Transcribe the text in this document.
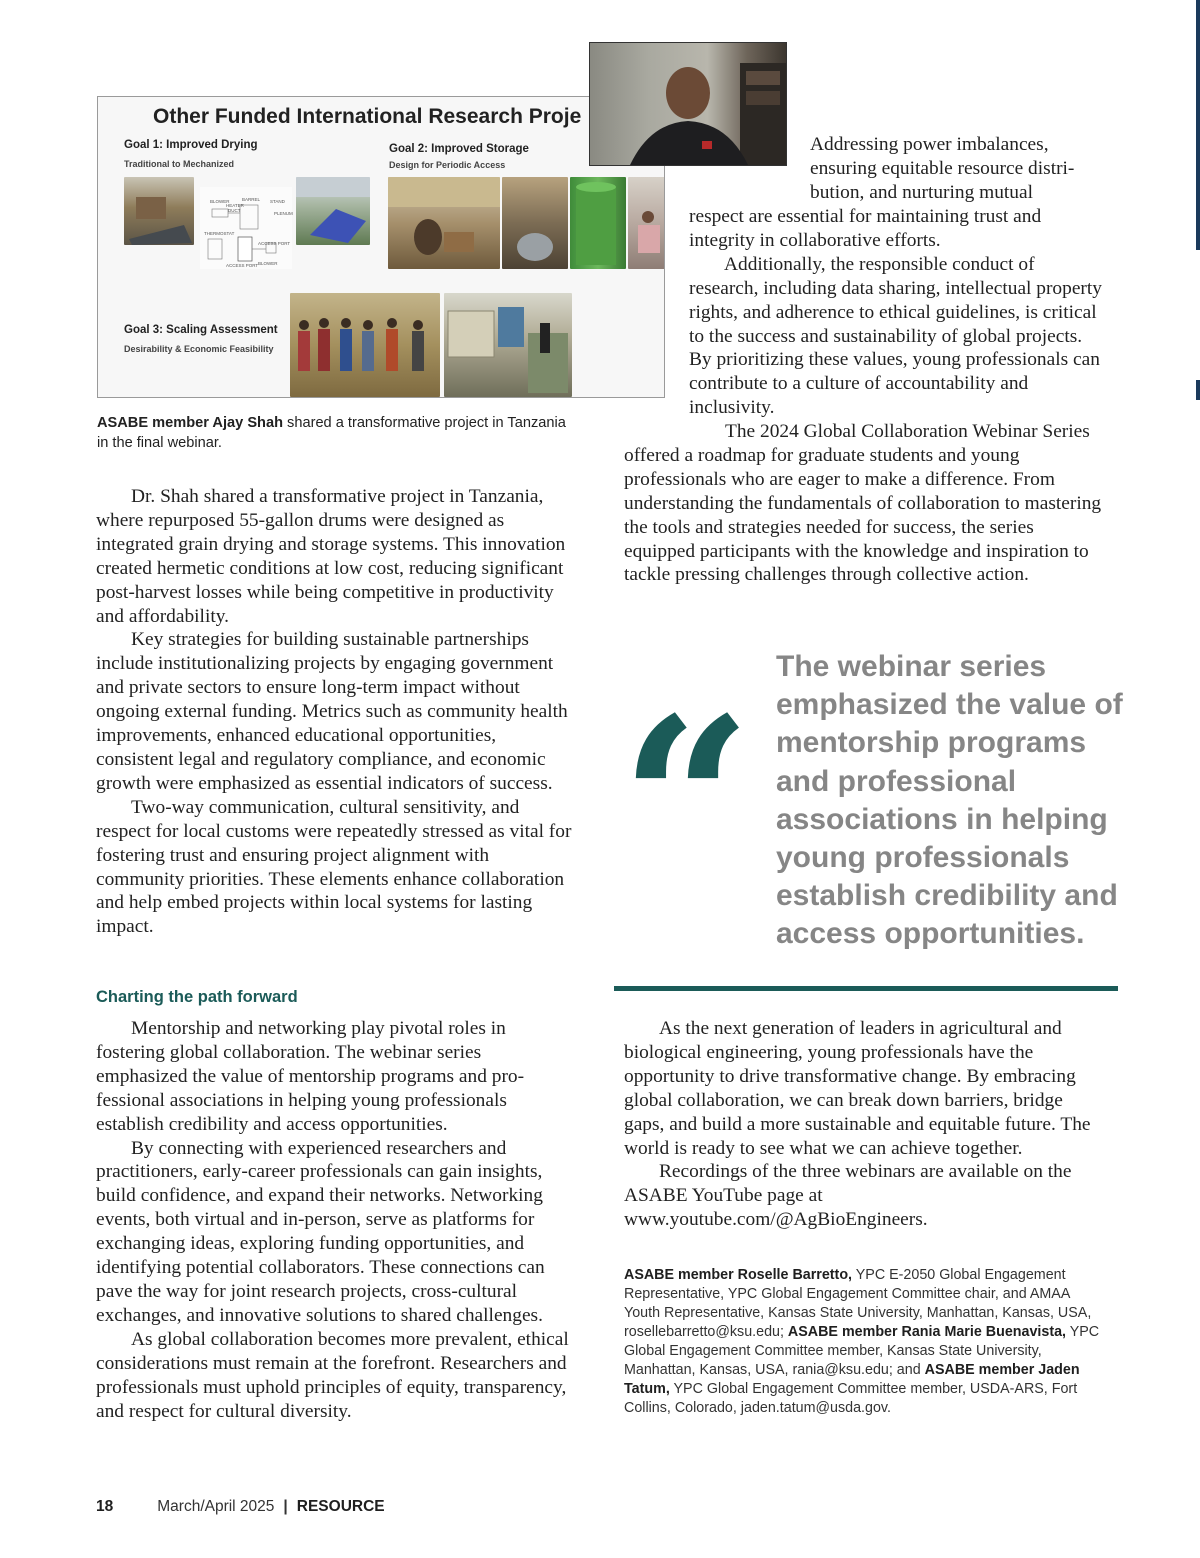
Other Funded International Research Proje
Goal 1: Improved Drying
Traditional to Mechanized
Goal 2: Improved Storage
Design for Periodic Access
Goal 3: Scaling Assessment
Desirability & Economic Feasibility
BLOWER	BARREL STAND
HEATER
DUCT
PLENUM
THERMOSTAT
ACCESS PORT
ACCESS PORT BLOWER
ASABE member Ajay Shah shared a transformative project in Tanzania in the final webinar.

Dr. Shah shared a transformative project in Tanzania, where repurposed 55-gallon drums were designed as integrated grain drying and storage systems. This innovation created hermetic conditions at low cost, reducing significant post-harvest losses while being competitive in productivity and affordability.

Key strategies for building sustainable partnerships include institutionalizing projects by engaging government and private sectors to ensure long-term impact without ongoing external funding. Metrics such as community health improvements, enhanced educational opportunities, consistent legal and regulatory compliance, and economic growth were emphasized as essential indicators of success.

Two-way communication, cultural sensitivity, and respect for local customs were repeatedly stressed as vital for fostering trust and ensuring project alignment with community priorities. These elements enhance collaboration and help embed projects within local systems for lasting impact.

Charting the path forward

Mentorship and networking play pivotal roles in fostering global collaboration. The webinar series emphasized the value of mentorship programs and professional associations in helping young professionals establish credibility and access opportunities.

By connecting with experienced researchers and practitioners, early-career professionals can gain insights, build confidence, and expand their networks. Networking events, both virtual and in-person, serve as platforms for exchanging ideas, exploring funding opportunities, and identifying potential collaborators. These connections can pave the way for joint research projects, cross-cultural exchanges, and innovative solutions to shared challenges.

As global collaboration becomes more prevalent, ethical considerations must remain at the forefront. Researchers and professionals must uphold principles of equity, transparency, and respect for cultural diversity.

Addressing power imbalances, ensuring equitable resource distribution, and nurturing mutual

respect are essential for maintaining trust and integrity in collaborative efforts.

Additionally, the responsible conduct of research, including data sharing, intellectual property rights, and adherence to ethical guidelines, is critical to the success and sustainability of global projects. By prioritizing these values, young professionals can contribute to a culture of accountability and inclusivity.

The 2024 Global Collaboration Webinar Series offered a roadmap for graduate students and young professionals who are eager to make a difference. From understanding the fundamentals of collaboration to mastering the tools and strategies needed for success, the series equipped participants with the knowledge and inspiration to tackle pressing challenges through collective action.

“
The webinar series emphasized the value of mentorship programs and professional associations in helping young professionals establish credibility and access opportunities.

As the next generation of leaders in agricultural and biological engineering, young professionals have the opportunity to drive transformative change. By embracing global collaboration, we can break down barriers, bridge gaps, and build a more sustainable and equitable future. The world is ready to see what we can achieve together.

Recordings of the three webinars are available on the ASABE YouTube page at www.youtube.com/@AgBioEngineers.

ASABE member Roselle Barretto, YPC E-2050 Global Engagement Representative, YPC Global Engagement Committee chair, and AMAA Youth Representative, Kansas State University, Manhattan, Kansas, USA, rosellebarretto@ksu.edu; ASABE member Rania Marie Buenavista, YPC Global Engagement Committee member, Kansas State University, Manhattan, Kansas, USA, rania@ksu.edu; and ASABE member Jaden Tatum, YPC Global Engagement Committee member, USDA-ARS, Fort Collins, Colorado, jaden.tatum@usda.gov.
18	March/April 2025 | RESOURCE
